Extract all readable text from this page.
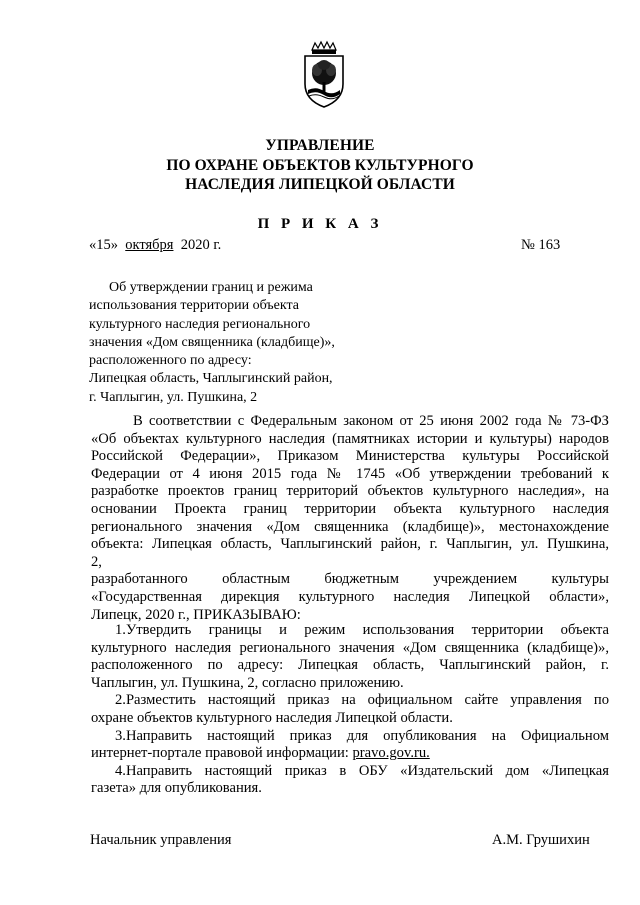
УПРАВЛЕНИЕ
ПО ОХРАНЕ ОБЪЕКТОВ КУЛЬТУРНОГО
НАСЛЕДИЯ ЛИПЕЦКОЙ ОБЛАСТИ
П Р И К А З
«15» октября 2020 г.	№ 163
Об утверждении границ и режима
использования территории объекта
культурного наследия регионального
значения «Дом священника (кладбище)»,
расположенного по адресу:
Липецкая область, Чаплыгинский район,
г. Чаплыгин, ул. Пушкина, 2
В соответствии с Федеральным законом от 25 июня 2002 года № 73-ФЗ
«Об объектах культурного наследия (памятниках истории и культуры) народов
Российской Федерации», Приказом Министерства культуры Российской
Федерации от 4 июня 2015 года № 1745 «Об утверждении требований к
разработке проектов границ территорий объектов культурного наследия», на
основании Проекта границ территории объекта культурного наследия
регионального значения «Дом священника (кладбище)», местонахождение
объекта: Липецкая область, Чаплыгинский район, г. Чаплыгин, ул. Пушкина,
2,
разработанного областным бюджетным учреждением культуры
«Государственная дирекция культурного наследия Липецкой области»,
Липецк, 2020 г., ПРИКАЗЫВАЮ:
1.Утвердить границы и режим использования территории объекта
культурного наследия регионального значения «Дом священника (кладбище)»,
расположенного по адресу: Липецкая область, Чаплыгинский район, г.
Чаплыгин, ул. Пушкина, 2, согласно приложению.
2.Разместить настоящий приказ на официальном сайте управления по
охране объектов культурного наследия Липецкой области.
3.Направить настоящий приказ для опубликования на Официальном
интернет-портале правовой информации: pravo.gov.ru.
4.Направить настоящий приказ в ОБУ «Издательский дом «Липецкая
газета» для опубликования.
Начальник управления	А.М. Грушихин
